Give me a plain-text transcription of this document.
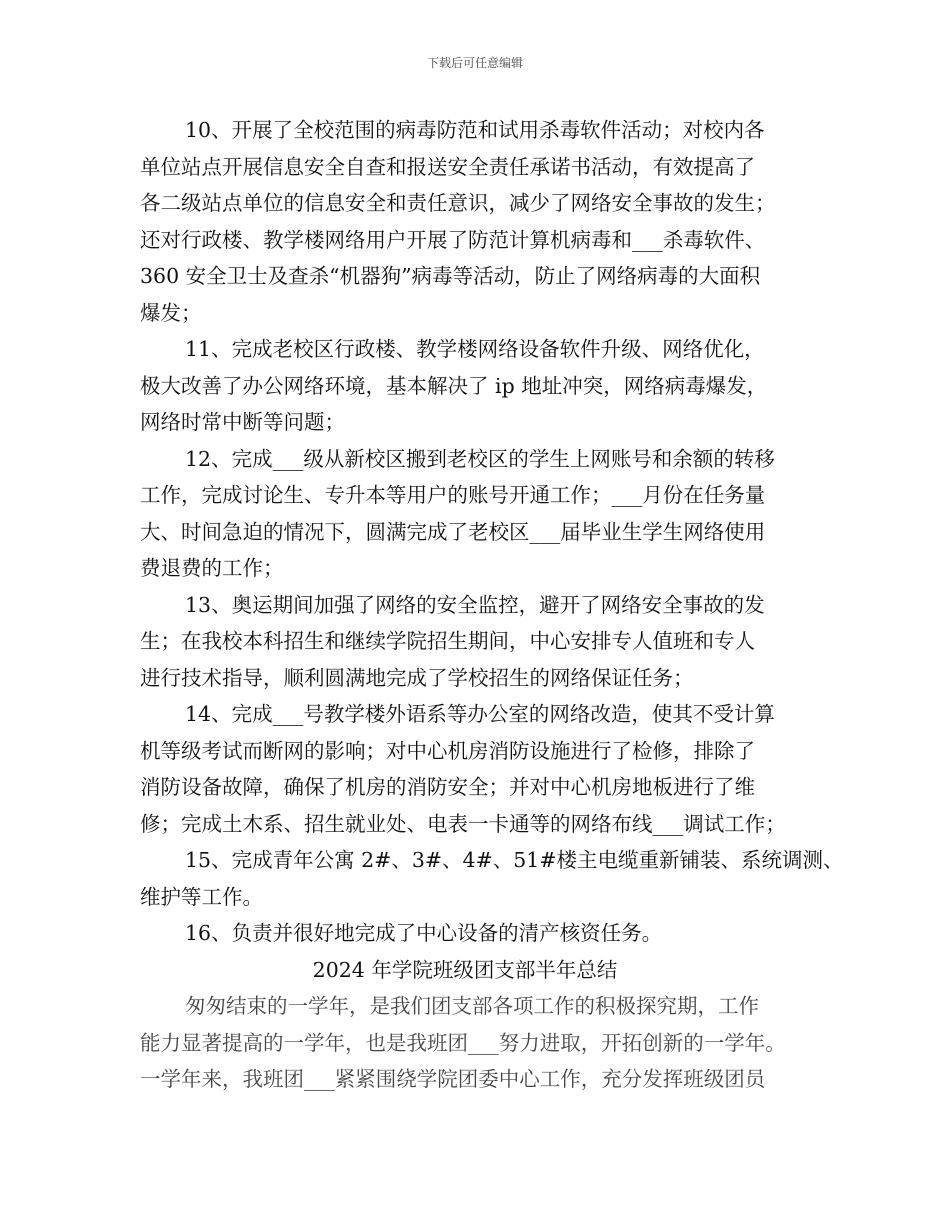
下载后可任意编辑
10、开展了全校范围的病毒防范和试用杀毒软件活动；对校内各
单位站点开展信息安全自查和报送安全责任承诺书活动，有效提高了
各二级站点单位的信息安全和责任意识，减少了网络安全事故的发生；
还对行政楼、教学楼网络用户开展了防范计算机病毒和___杀毒软件、
360 安全卫士及查杀“机器狗”病毒等活动，防止了网络病毒的大面积
爆发；
11、完成老校区行政楼、教学楼网络设备软件升级、网络优化，
极大改善了办公网络环境，基本解决了 ip 地址冲突，网络病毒爆发，
网络时常中断等问题；
12、完成___级从新校区搬到老校区的学生上网账号和余额的转移
工作，完成讨论生、专升本等用户的账号开通工作；___月份在任务量
大、时间急迫的情况下，圆满完成了老校区___届毕业生学生网络使用
费退费的工作；
13、奥运期间加强了网络的安全监控，避开了网络安全事故的发
生；在我校本科招生和继续学院招生期间，中心安排专人值班和专人
进行技术指导，顺利圆满地完成了学校招生的网络保证任务；
14、完成___号教学楼外语系等办公室的网络改造，使其不受计算
机等级考试而断网的影响；对中心机房消防设施进行了检修，排除了
消防设备故障，确保了机房的消防安全；并对中心机房地板进行了维
修；完成土木系、招生就业处、电表一卡通等的网络布线___调试工作；
15、完成青年公寓 2#、3#、4#、51#楼主电缆重新铺装、系统调测、
维护等工作。
16、负责并很好地完成了中心设备的清产核资任务。
2024 年学院班级团支部半年总结
匆匆结束的一学年，是我们团支部各项工作的积极探究期，工作
能力显著提高的一学年，也是我班团___努力进取，开拓创新的一学年。
一学年来，我班团___紧紧围绕学院团委中心工作，充分发挥班级团员
